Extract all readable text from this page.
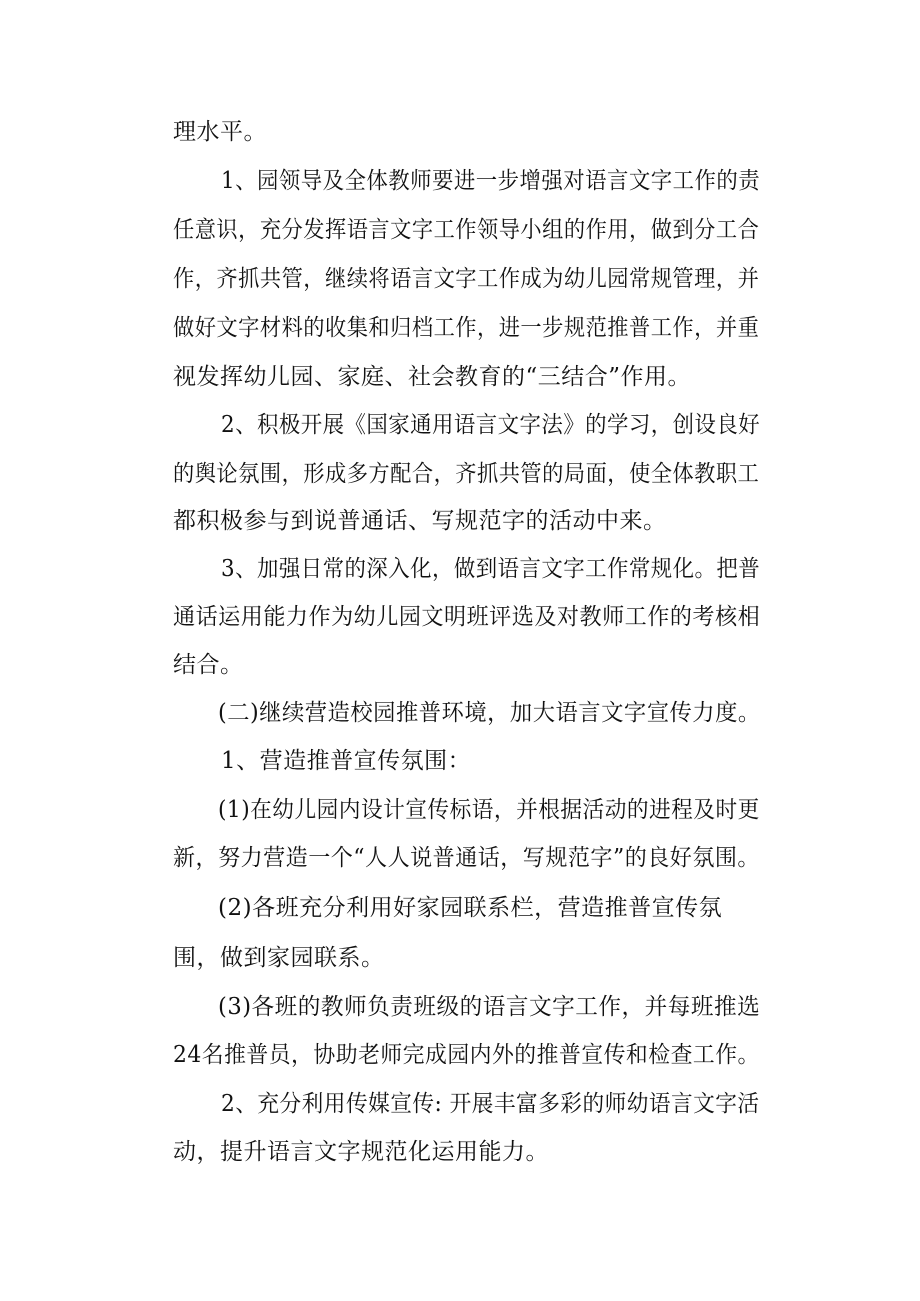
理水平。
1、园领导及全体教师要进一步增强对语言文字工作的责
任意识，充分发挥语言文字工作领导小组的作用，做到分工合
作，齐抓共管，继续将语言文字工作成为幼儿园常规管理，并
做好文字材料的收集和归档工作，进一步规范推普工作，并重
视发挥幼儿园、家庭、社会教育的“三结合”作用。
2、积极开展《国家通用语言文字法》的学习，创设良好
的舆论氛围，形成多方配合，齐抓共管的局面，使全体教职工
都积极参与到说普通话、写规范字的活动中来。
3、加强日常的深入化，做到语言文字工作常规化。把普
通话运用能力作为幼儿园文明班评选及对教师工作的考核相
结合。
(二)继续营造校园推普环境，加大语言文字宣传力度。
1、营造推普宣传氛围：
(1)在幼儿园内设计宣传标语，并根据活动的进程及时更
新，努力营造一个“人人说普通话，写规范字”的良好氛围。
(2)各班充分利用好家园联系栏，营造推普宣传氛
围，做到家园联系。
(3)各班的教师负责班级的语言文字工作，并每班推选
24名推普员，协助老师完成园内外的推普宣传和检查工作。
2、充分利用传媒宣传: 开展丰富多彩的师幼语言文字活
动，提升语言文字规范化运用能力。
